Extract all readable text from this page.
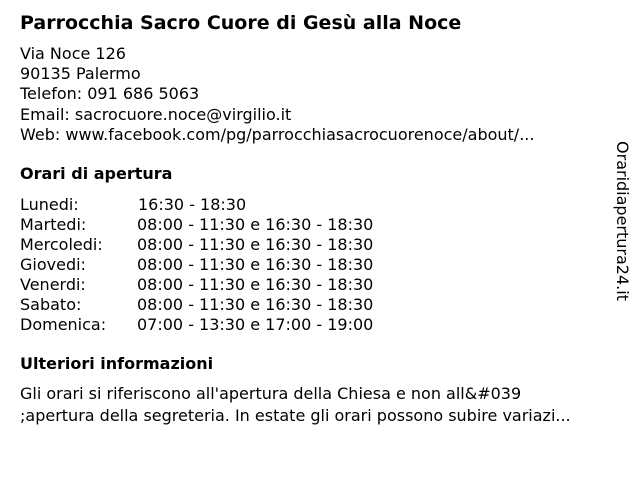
Parrocchia Sacro Cuore di Gesù alla Noce
Via Noce 126
90135 Palermo
Telefon: 091 686 5063
Email: sacrocuore.noce@virgilio.it
Web: www.facebook.com/pg/parrocchiasacrocuorenoce/about/...
Orari di apertura
Lunedi:	16:30 - 18:30
Martedi:	08:00 - 11:30 e 16:30 - 18:30
Mercoledi: 08:00 - 11:30 e 16:30 - 18:30
Giovedi:	08:00 - 11:30 e 16:30 - 18:30
Venerdi:	08:00 - 11:30 e 16:30 - 18:30
Sabato:	08:00 - 11:30 e 16:30 - 18:30
Domenica: 07:00 - 13:30 e 17:00 - 19:00
Ulteriori informazioni
Gli orari si riferiscono all'apertura della Chiesa e non all&#039
;apertura della segreteria. In estate gli orari possono subire variazi...
Oraridiapertura24.it
